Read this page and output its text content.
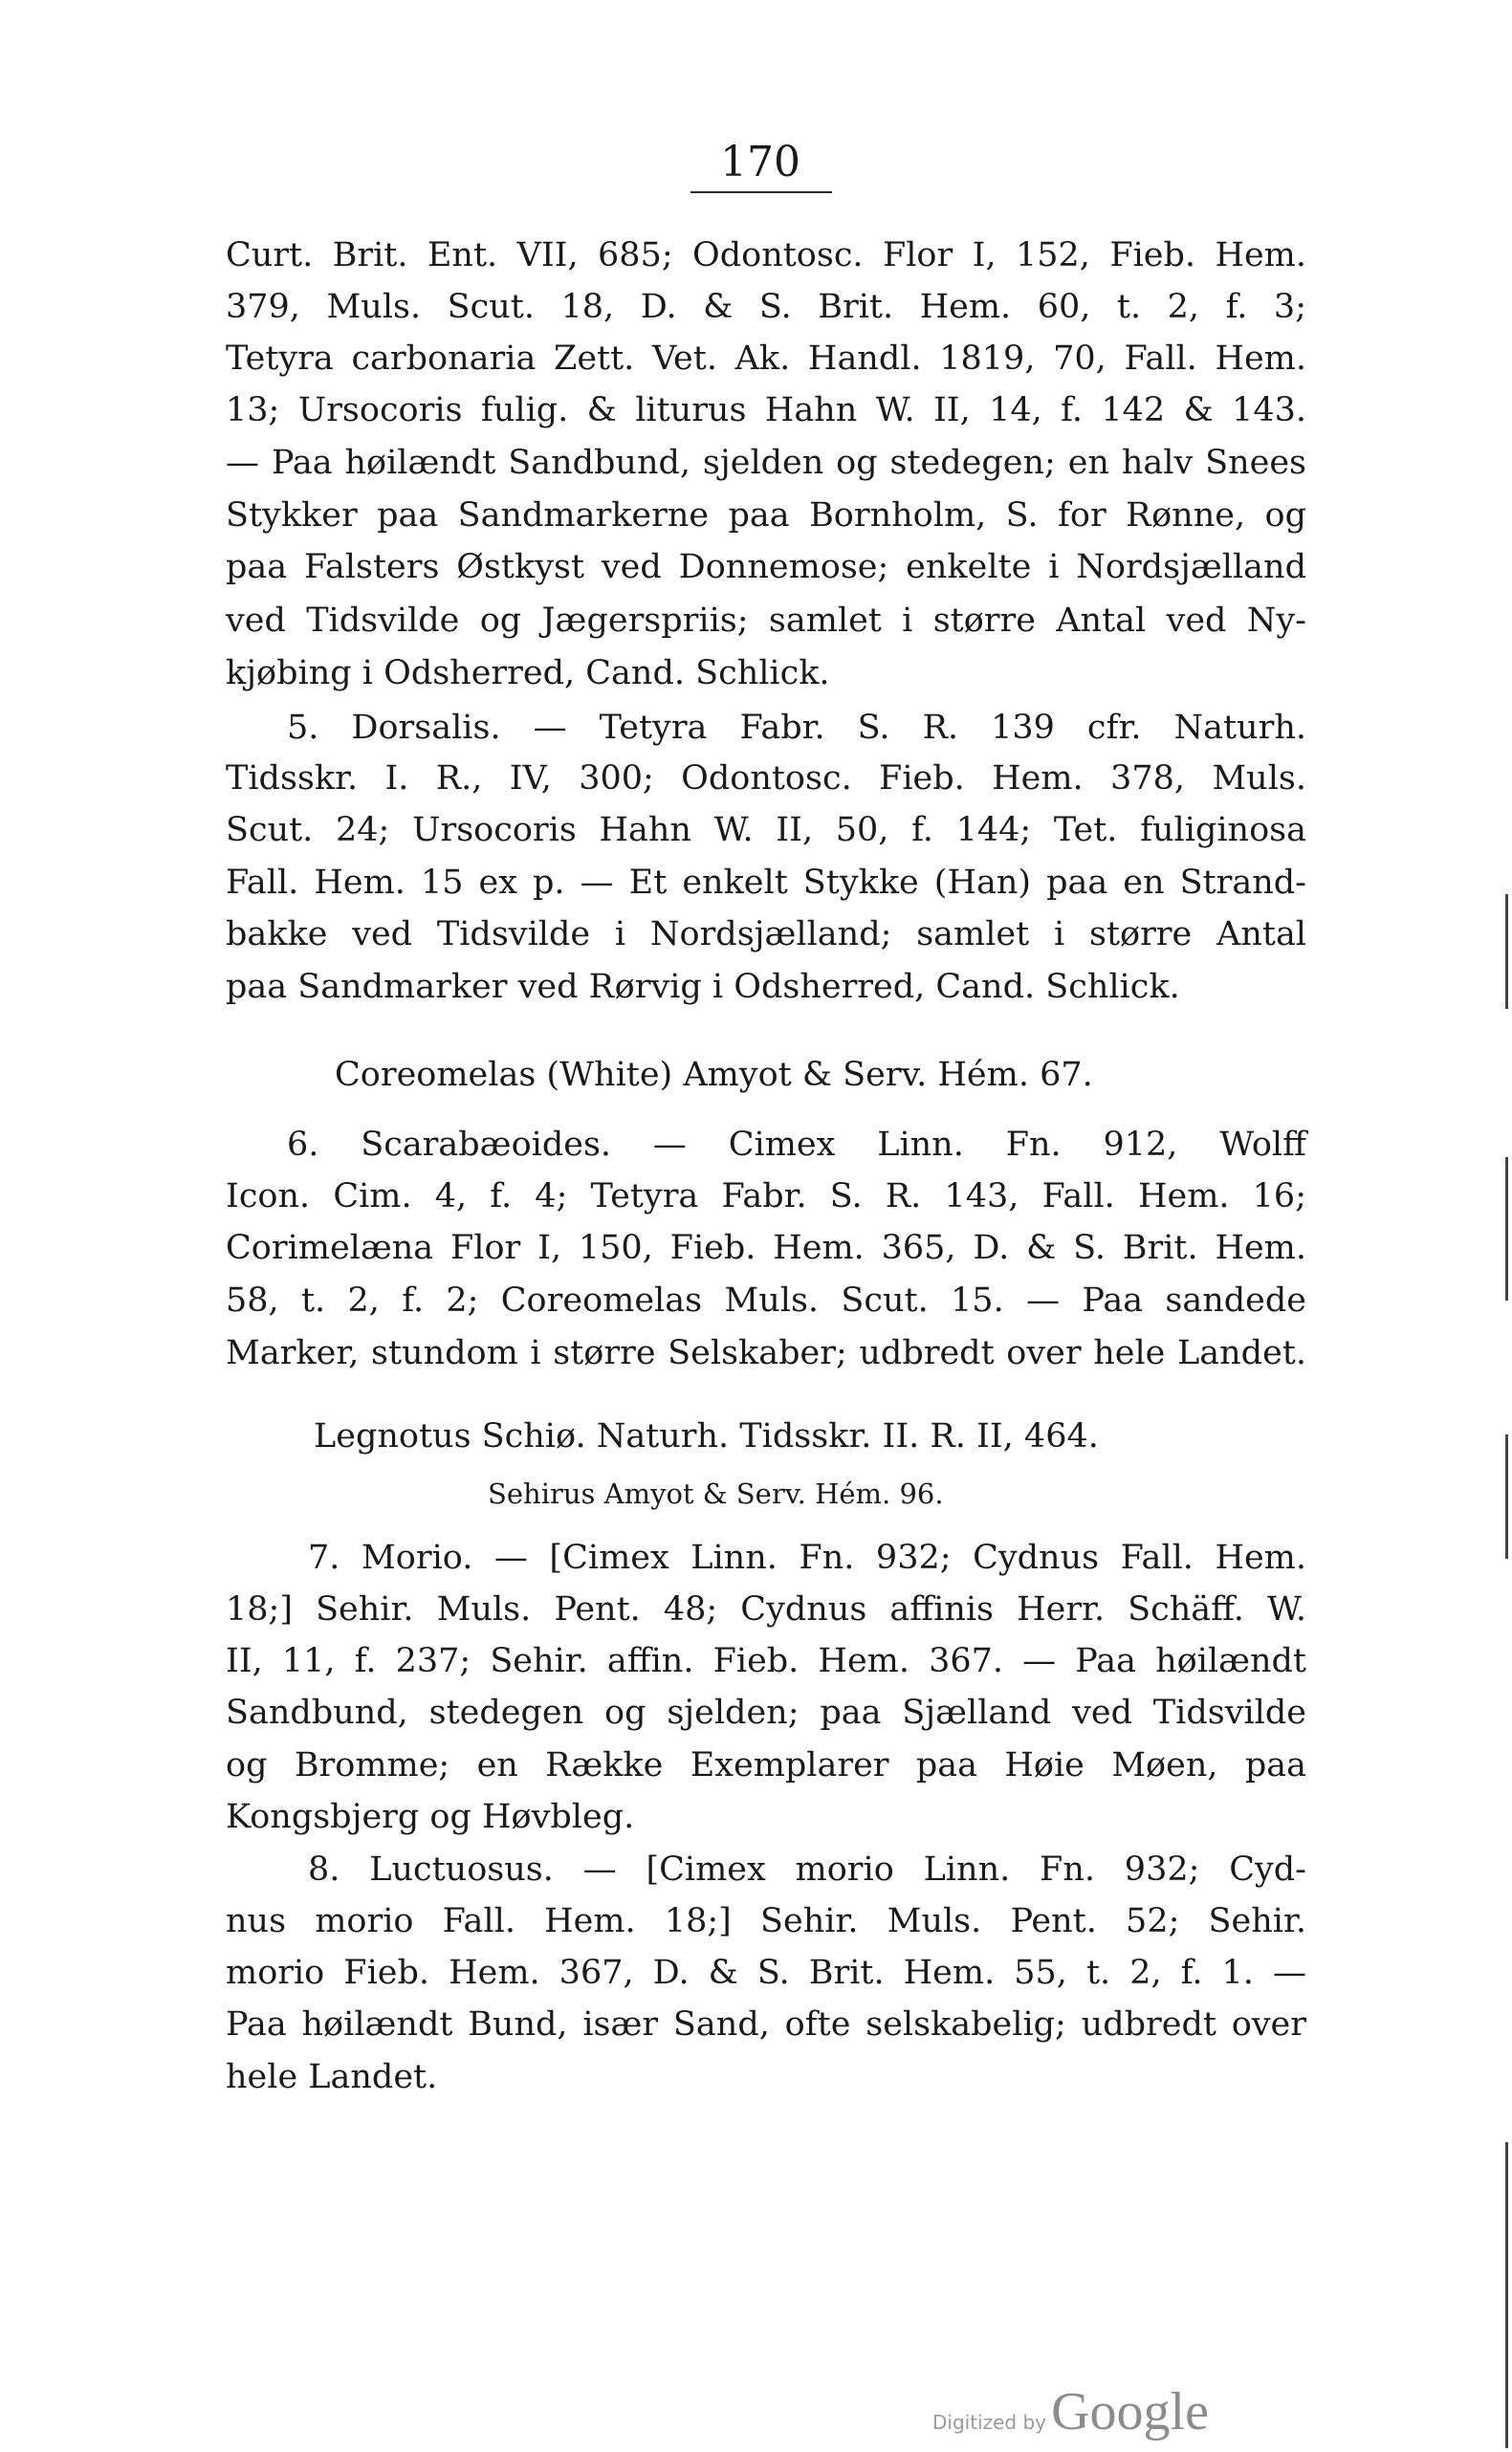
170
Curt. Brit. Ent. VII, 685; Odontosc. Flor I, 152, Fieb. Hem.
379, Muls. Scut. 18, D. & S. Brit. Hem. 60, t. 2, f. 3;
Tetyra carbonaria Zett. Vet. Ak. Handl. 1819, 70, Fall. Hem.
13; Ursocoris fulig. & liturus Hahn W. II, 14, f. 142 & 143.
— Paa høilændt Sandbund, sjelden og stedegen; en halv Snees
Stykker paa Sandmarkerne paa Bornholm, S. for Rønne, og
paa Falsters Østkyst ved Donnemose; enkelte i Nordsjælland
ved Tidsvilde og Jægerspriis; samlet i større Antal ved Ny-
kjøbing i Odsherred, Cand. Schlick.
5. Dorsalis. — Tetyra Fabr. S. R. 139 cfr. Naturh.
Tidsskr. I. R., IV, 300; Odontosc. Fieb. Hem. 378, Muls.
Scut. 24; Ursocoris Hahn W. II, 50, f. 144; Tet. fuliginosa
Fall. Hem. 15 ex p. — Et enkelt Stykke (Han) paa en Strand-
bakke ved Tidsvilde i Nordsjælland; samlet i større Antal
paa Sandmarker ved Rørvig i Odsherred, Cand. Schlick.
Coreomelas (White) Amyot & Serv. Hém. 67.
6. Scarabæoides. — Cimex Linn. Fn. 912, Wolff
Icon. Cim. 4, f. 4; Tetyra Fabr. S. R. 143, Fall. Hem. 16;
Corimelæna Flor I, 150, Fieb. Hem. 365, D. & S. Brit. Hem.
58, t. 2, f. 2; Coreomelas Muls. Scut. 15. — Paa sandede
Marker, stundom i større Selskaber; udbredt over hele Landet.
Legnotus Schiø. Naturh. Tidsskr. II. R. II, 464.
Sehirus Amyot & Serv. Hém. 96.
7. Morio. — [Cimex Linn. Fn. 932; Cydnus Fall. Hem.
18;] Sehir. Muls. Pent. 48; Cydnus affinis Herr. Schäff. W.
II, 11, f. 237; Sehir. affin. Fieb. Hem. 367. — Paa høilændt
Sandbund, stedegen og sjelden; paa Sjælland ved Tidsvilde
og Bromme; en Række Exemplarer paa Høie Møen, paa
Kongsbjerg og Høvbleg.
8. Luctuosus. — [Cimex morio Linn. Fn. 932; Cyd-
nus morio Fall. Hem. 18;] Sehir. Muls. Pent. 52; Sehir.
morio Fieb. Hem. 367, D. & S. Brit. Hem. 55, t. 2, f. 1. —
Paa høilændt Bund, især Sand, ofte selskabelig; udbredt over
hele Landet.
Digitized by Google
